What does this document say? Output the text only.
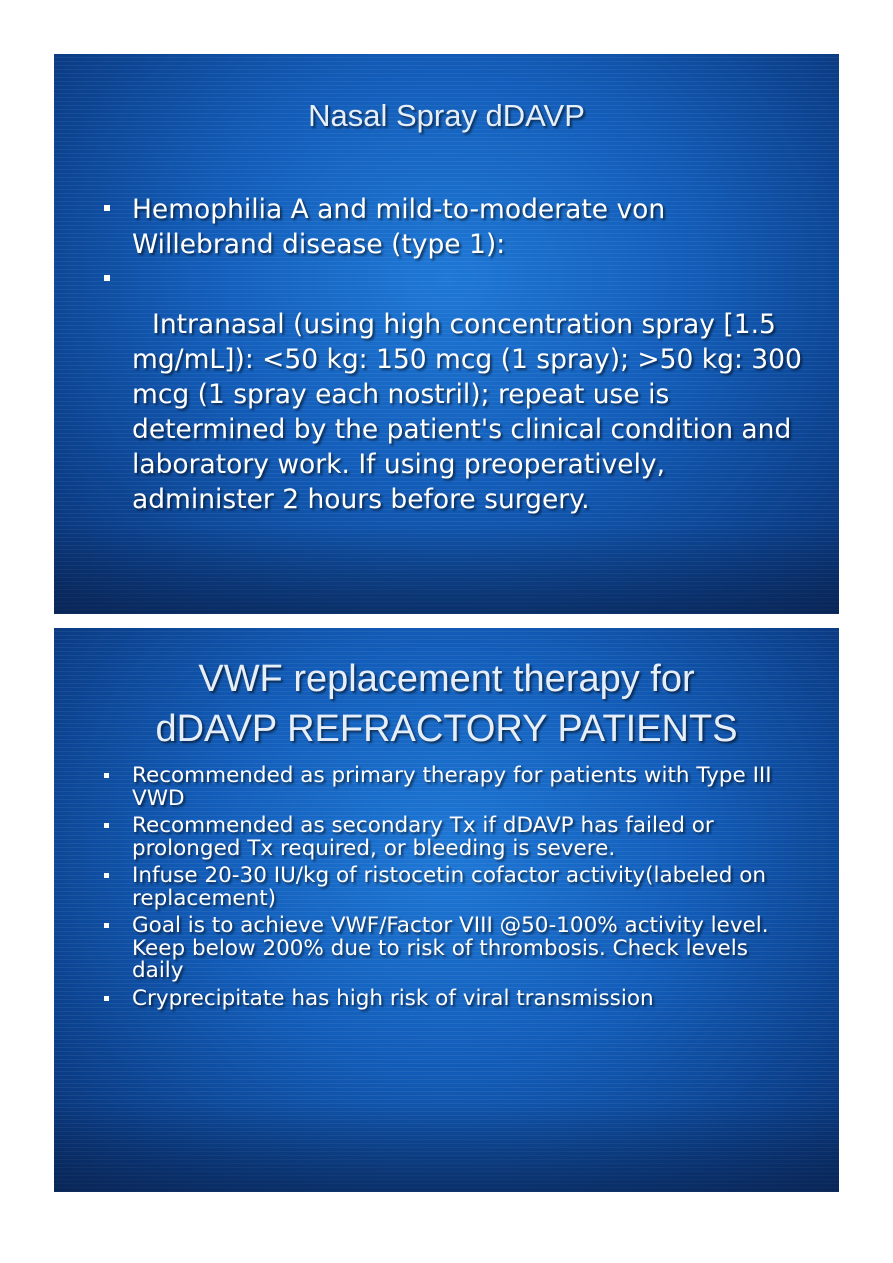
Nasal Spray dDAVP
Hemophilia A and mild-to-moderate von Willebrand disease (type 1):
Intranasal (using high concentration spray [1.5 mg/mL]): <50 kg: 150 mcg (1 spray); >50 kg: 300 mcg (1 spray each nostril); repeat use is determined by the patient's clinical condition and laboratory work. If using preoperatively, administer 2 hours before surgery.
VWF replacement therapy for
dDAVP REFRACTORY PATIENTS
Recommended as primary therapy for patients with Type III VWD
Recommended as secondary Tx if dDAVP has failed or prolonged Tx required, or bleeding is severe.
Infuse 20-30 IU/kg of ristocetin cofactor activity(labeled on replacement)
Goal is to achieve VWF/Factor VIII @50-100% activity level. Keep below 200% due to risk of thrombosis. Check levels daily
Cryprecipitate has high risk of viral transmission
